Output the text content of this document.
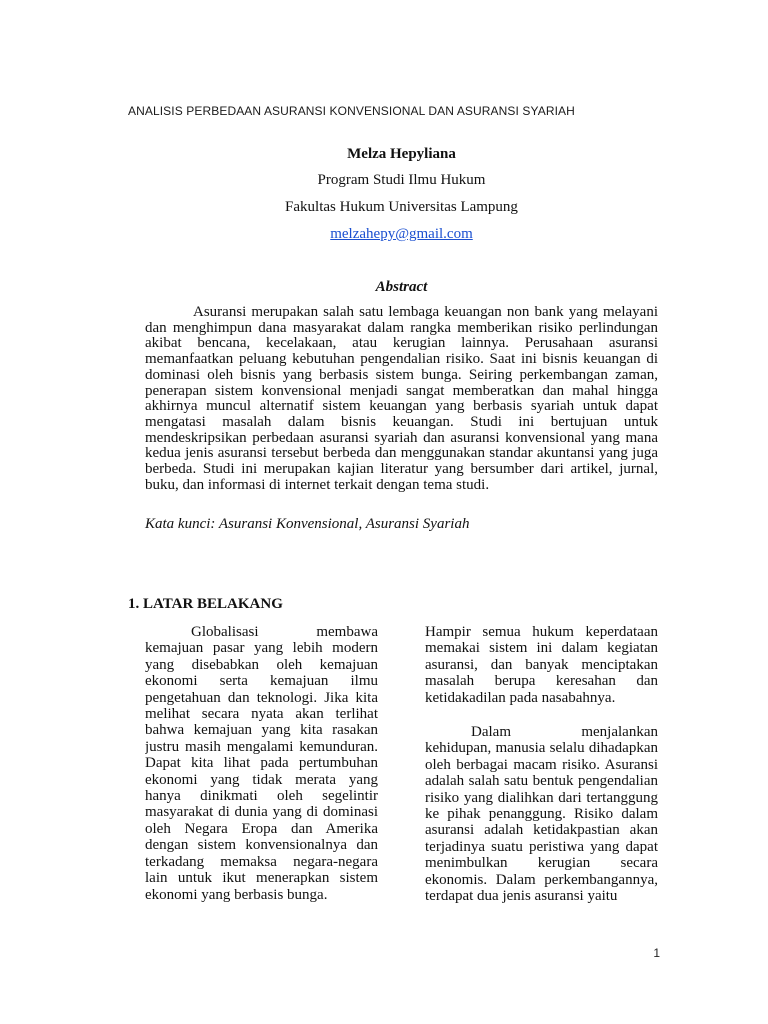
ANALISIS PERBEDAAN ASURANSI KONVENSIONAL DAN ASURANSI SYARIAH
Melza Hepyliana
Program Studi Ilmu Hukum
Fakultas Hukum Universitas Lampung
melzahepy@gmail.com
Abstract

Asuransi merupakan salah satu lembaga keuangan non bank yang melayani dan menghimpun dana masyarakat dalam rangka memberikan risiko perlindungan akibat bencana, kecelakaan, atau kerugian lainnya. Perusahaan asuransi memanfaatkan peluang kebutuhan pengendalian risiko. Saat ini bisnis keuangan di dominasi oleh bisnis yang berbasis sistem bunga. Seiring perkembangan zaman, penerapan sistem konvensional menjadi sangat memberatkan dan mahal hingga akhirnya muncul alternatif sistem keuangan yang berbasis syariah untuk dapat mengatasi masalah dalam bisnis keuangan. Studi ini bertujuan untuk mendeskripsikan perbedaan asuransi syariah dan asuransi konvensional yang mana kedua jenis asuransi tersebut berbeda dan menggunakan standar akuntansi yang juga berbeda. Studi ini merupakan kajian literatur yang bersumber dari artikel, jurnal, buku, dan informasi di internet terkait dengan tema studi.

Kata kunci: Asuransi Konvensional, Asuransi Syariah
1. LATAR BELAKANG

Globalisasi membawa kemajuan pasar yang lebih modern yang disebabkan oleh kemajuan ekonomi serta kemajuan ilmu pengetahuan dan teknologi. Jika kita melihat secara nyata akan terlihat bahwa kemajuan yang kita rasakan justru masih mengalami kemunduran. Dapat kita lihat pada pertumbuhan ekonomi yang tidak merata yang hanya dinikmati oleh segelintir masyarakat di dunia yang di dominasi oleh Negara Eropa dan Amerika dengan sistem konvensionalnya dan terkadang memaksa negara-negara lain untuk ikut menerapkan sistem ekonomi yang berbasis bunga.

Hampir semua hukum keperdataan memakai sistem ini dalam kegiatan asuransi, dan banyak menciptakan masalah berupa keresahan dan ketidakadilan pada nasabahnya.

Dalam menjalankan kehidupan, manusia selalu dihadapkan oleh berbagai macam risiko. Asuransi adalah salah satu bentuk pengendalian risiko yang dialihkan dari tertanggung ke pihak penanggung. Risiko dalam asuransi adalah ketidakpastian akan terjadinya suatu peristiwa yang dapat menimbulkan kerugian secara ekonomis. Dalam perkembangannya, terdapat dua jenis asuransi yaitu

1
